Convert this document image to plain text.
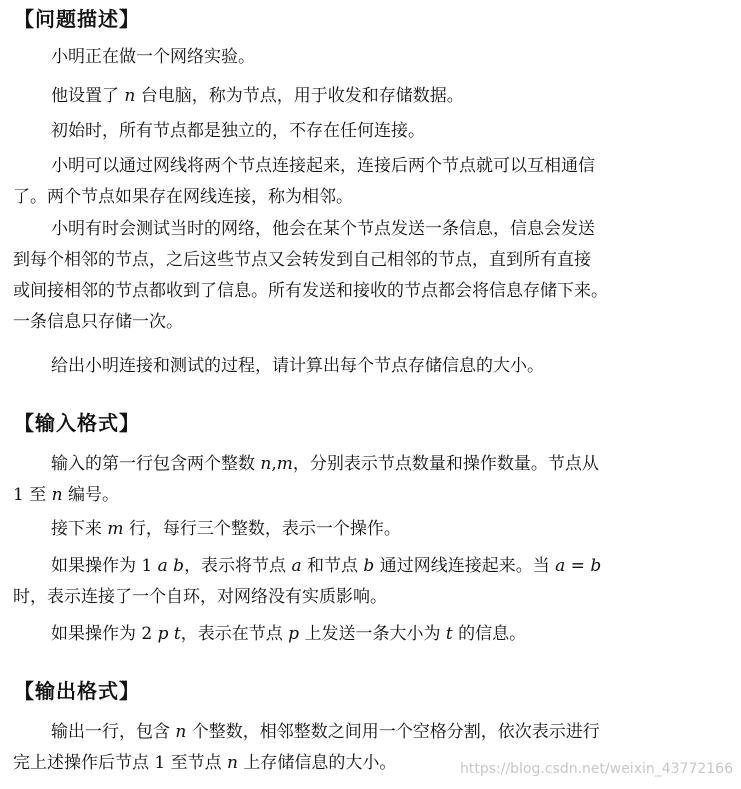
【问题描述】
小明正在做一个网络实验。
他设置了 n 台电脑，称为节点，用于收发和存储数据。
初始时，所有节点都是独立的，不存在任何连接。
小明可以通过网线将两个节点连接起来，连接后两个节点就可以互相通信
了。两个节点如果存在网线连接，称为相邻。
小明有时会测试当时的网络，他会在某个节点发送一条信息，信息会发送
到每个相邻的节点，之后这些节点又会转发到自己相邻的节点，直到所有直接
或间接相邻的节点都收到了信息。所有发送和接收的节点都会将信息存储下来。
一条信息只存储一次。
给出小明连接和测试的过程，请计算出每个节点存储信息的大小。
【输入格式】
输入的第一行包含两个整数 n,m，分别表示节点数量和操作数量。节点从
1 至 n 编号。
接下来 m 行，每行三个整数，表示一个操作。
如果操作为 1 a b，表示将节点 a 和节点 b 通过网线连接起来。当 a = b
时，表示连接了一个自环，对网络没有实质影响。
如果操作为 2 p t，表示在节点 p 上发送一条大小为 t 的信息。
【输出格式】
输出一行，包含 n 个整数，相邻整数之间用一个空格分割，依次表示进行
完上述操作后节点 1 至节点 n 上存储信息的大小。	https://blog.csdn.net/weixin_43772166
